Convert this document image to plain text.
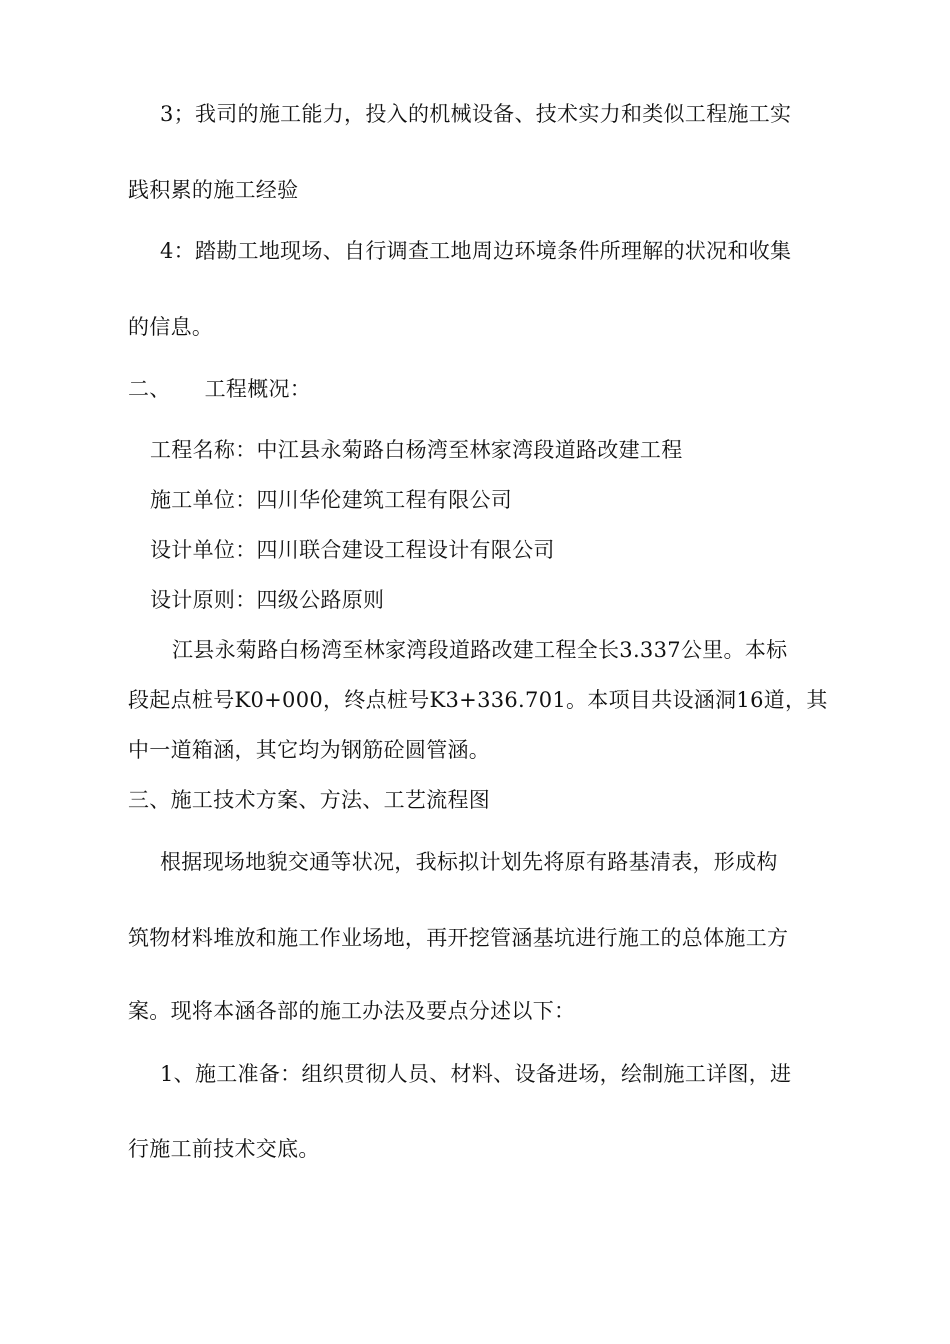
3；我司的施工能力，投入的机械设备、技术实力和类似工程施工实
践积累的施工经验
4：踏勘工地现场、自行调查工地周边环境条件所理解的状况和收集
的信息。
二、 工程概况：
工程名称：中江县永菊路白杨湾至林家湾段道路改建工程
施工单位：四川华伦建筑工程有限公司
设计单位：四川联合建设工程设计有限公司
设计原则：四级公路原则
江县永菊路白杨湾至林家湾段道路改建工程全长3.337公里。本标
段起点桩号K0+000，终点桩号K3+336.701。本项目共设涵洞16道，其
中一道箱涵，其它均为钢筋砼圆管涵。
三、施工技术方案、方法、工艺流程图
根据现场地貌交通等状况，我标拟计划先将原有路基清表，形成构
筑物材料堆放和施工作业场地，再开挖管涵基坑进行施工的总体施工方
案。现将本涵各部的施工办法及要点分述以下：
1、施工准备：组织贯彻人员、材料、设备进场，绘制施工详图，进
行施工前技术交底。
